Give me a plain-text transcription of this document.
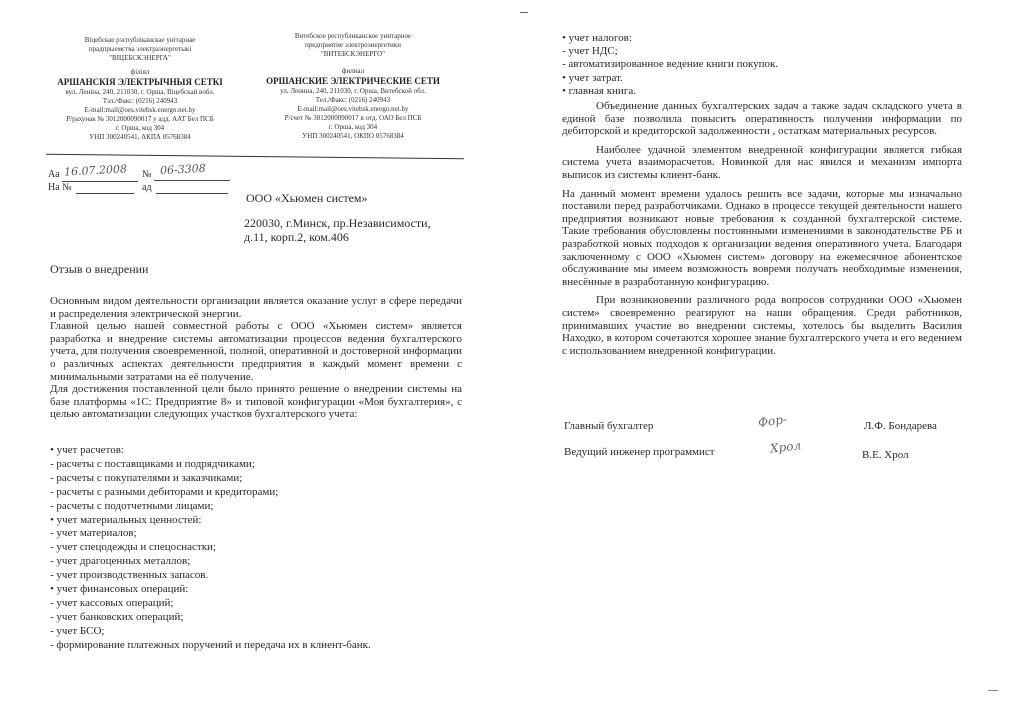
Віцебскае рэспубліканскае унітарнае
прадпрыемства электраэнергетыкі
"ВІЦЕБСКЭНЕРГА"
філіял
АРШАНСКІЯ ЭЛЕКТРЫЧНЫЯ СЕТКІ
вул. Леніна, 240, 211030, г. Орша, Віцебскай вобл.
Тэл./Факс: (0216) 240943
E-mail:mail@oes.vitebsk.energo.net.by
Р/рахунак № 3012000090017 у адд. ААТ Бел ПСБ
г. Орша, код 304
УНП 300240541, АКПА 05768384
Витебское республиканское унитарное
предприятие электроэнергетики
"ВИТЕБСКЭНЕРГО"
филиал
ОРШАНСКИЕ ЭЛЕКТРИЧЕСКИЕ СЕТИ
ул. Ленина, 240, 211030, г. Орша, Витебской обл.
Тел./Факс: (0216) 240943
E-mail:mail@oes.vitebsk.energo.net.by
Р/счет № 3012000090017 в отд. ОАО Бел ПСБ
г. Орша, код 304
УНП 300240541, ОКПО 05768384
Аа 16.07.2008 № 06-3308
На №	ад
ООО «Хьюмен систем»
220030, г.Минск, пр.Независимости,
д.11, корп.2, ком.406
Отзыв о внедрении

Основным видом деятельности организации является оказание услуг в сфере передачи и распределения электрической энергии.

Главной целью нашей совместной работы с ООО «Хьюмен систем» является разработка и внедрение системы автоматизации процессов ведения бухгалтерского учета, для получения своевременной, полной, оперативной и достоверной информации о различных аспектах деятельности предприятия в каждый момент времени с минимальными затратами на её получение.

Для достижения поставленной цели было принято решение о внедрении системы на базе платформы «1С: Предприятие 8» и типовой конфигурации «Моя бухгалтерия», с целью автоматизации следующих участков бухгалтерского учета:

• учет расчетов:
- расчеты с поставщиками и подрядчиками;
- расчеты с покупателями и заказчиками;
- расчеты с разными дебиторами и кредиторами;
- расчеты с подотчетными лицами;
• учет материальных ценностей:
- учет материалов;
- учет спецодежды и спецоснастки;
- учет драгоценных металлов;
- учет производственных запасов.
• учет финансовых операций:
- учет кассовых операций;
- учет банковских операций;
- учет БСО;
- формирование платежных поручений и передача их в клиент-банк.
• учет налогов:
- учет НДС;
- автоматизированное ведение книги покупок.
• учет затрат.
• главная книга.

Объединение данных бухгалтерских задач а также задач складского учета в единой базе позволила повысить оперативность получения информации по дебиторской и кредиторской задолженности , остаткам материальных ресурсов.

Наиболее удачной элементом внедренной конфигурации является гибкая система учета взаиморасчетов. Новинкой для нас явился и механизм импорта выписок из системы клиент-банк.

На данный момент времени удалось решить все задачи, которые мы изначально поставили перед разработчиками. Однако в процессе текущей деятельности нашего предприятия возникают новые требования к созданной бухгалтерской системе. Такие требования обусловлены постоянными изменениями в законодательстве РБ и разработкой новых подходов к организации ведения оперативного учета. Благодаря заключенному с ООО «Хьюмен систем» договору на ежемесячное абонентское обслуживание мы имеем возможность вовремя получать необходимые изменения, внесённые в разработанную конфигурацию.

При возникновении различного рода вопросов сотрудники ООО «Хьюмен систем» своевременно реагируют на наши обращения. Среди работников, принимавших участие во внедрении системы, хотелось бы выделить Василия Находко, в котором сочетаются хорошее знание бухгалтерского учета и его ведением с использованием внедренной конфигурации.

Главный бухгалтер	Фор-	Л.Ф. Бондарева
Ведущий инженер программист	Хрол	В.Е. Хрол
